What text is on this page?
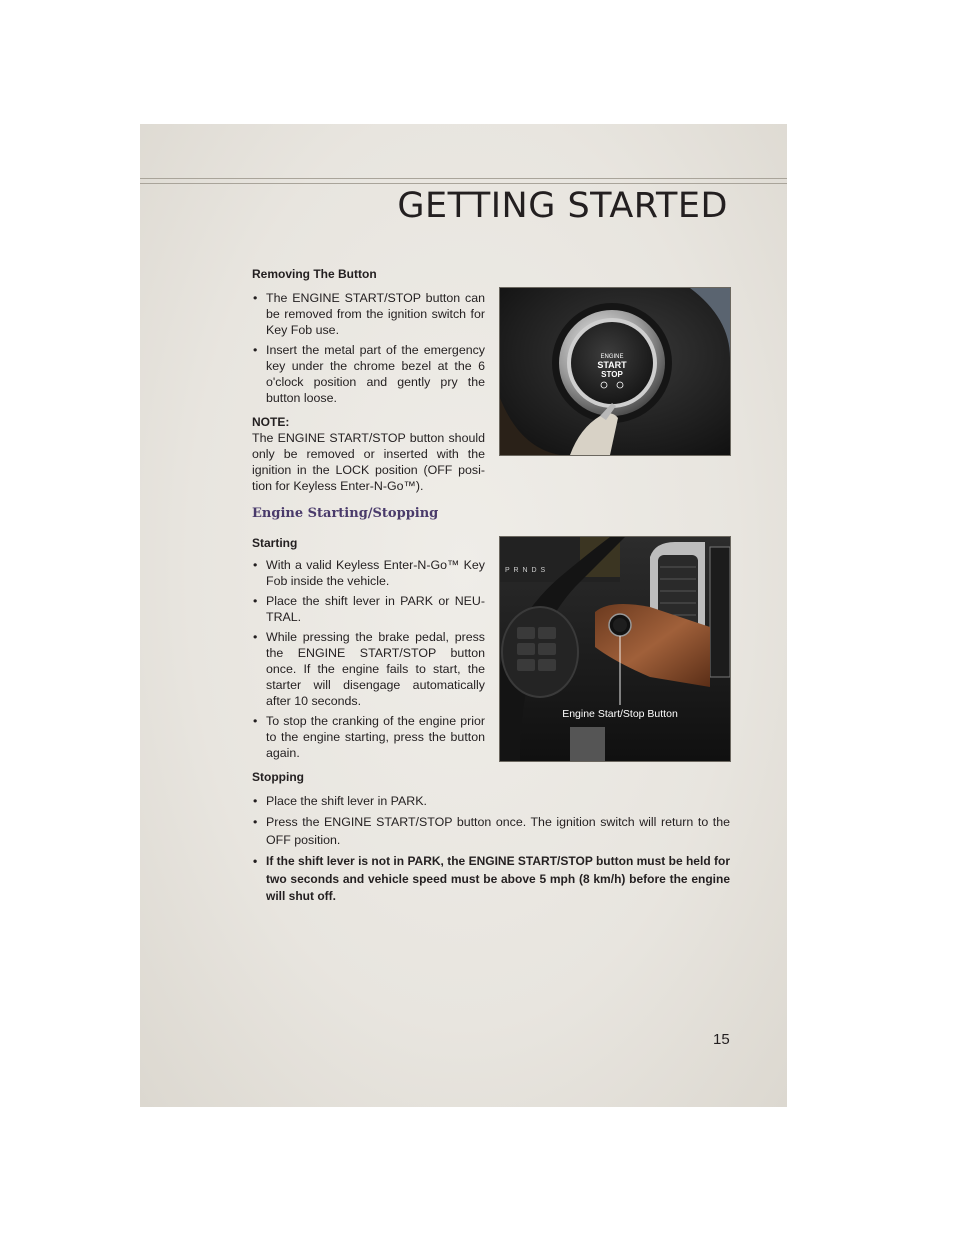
GETTING STARTED
Removing The Button
• The ENGINE START/STOP button can be removed from the ignition switch for Key Fob use.
• Insert the metal part of the emergency key under the chrome bezel at the 6 o'clock position and gently pry the button loose.
NOTE:
The ENGINE START/STOP button should only be removed or inserted with the ignition in the LOCK position (OFF posi-tion for Keyless Enter-N-Go™).
ENGINE
START
STOP
Engine Starting/Stopping
Starting
• With a valid Keyless Enter-N-Go™ Key Fob inside the vehicle.
• Place the shift lever in PARK or NEU-TRAL.
• While pressing the brake pedal, press the ENGINE START/STOP button once. If the engine fails to start, the starter will disengage automatically after 10 seconds.
• To stop the cranking of the engine prior to the engine starting, press the button again.
P R N D S
Engine Start/Stop Button
Stopping
• Place the shift lever in PARK.
• Press the ENGINE START/STOP button once. The ignition switch will return to the OFF position.
• If the shift lever is not in PARK, the ENGINE START/STOP button must be held for two seconds and vehicle speed must be above 5 mph (8 km/h) before the engine will shut off.
15
